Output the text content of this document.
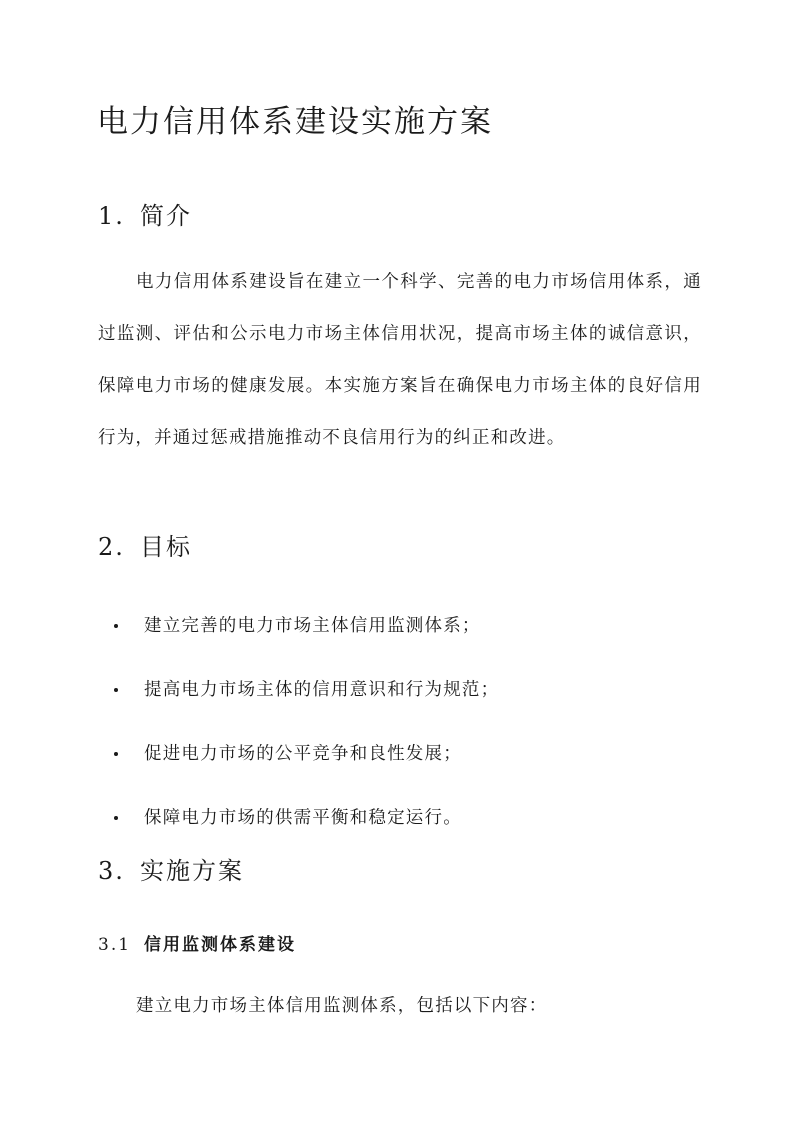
电力信用体系建设实施方案
1. 简介

电力信用体系建设旨在建立一个科学、完善的电力市场信用体系，通过监测、评估和公示电力市场主体信用状况，提高市场主体的诚信意识，保障电力市场的健康发展。本实施方案旨在确保电力市场主体的良好信用行为，并通过惩戒措施推动不良信用行为的纠正和改进。

2. 目标
建立完善的电力市场主体信用监测体系；
提高电力市场主体的信用意识和行为规范；
促进电力市场的公平竞争和良性发展；
保障电力市场的供需平衡和稳定运行。
3. 实施方案
3.1 信用监测体系建设

建立电力市场主体信用监测体系，包括以下内容：
